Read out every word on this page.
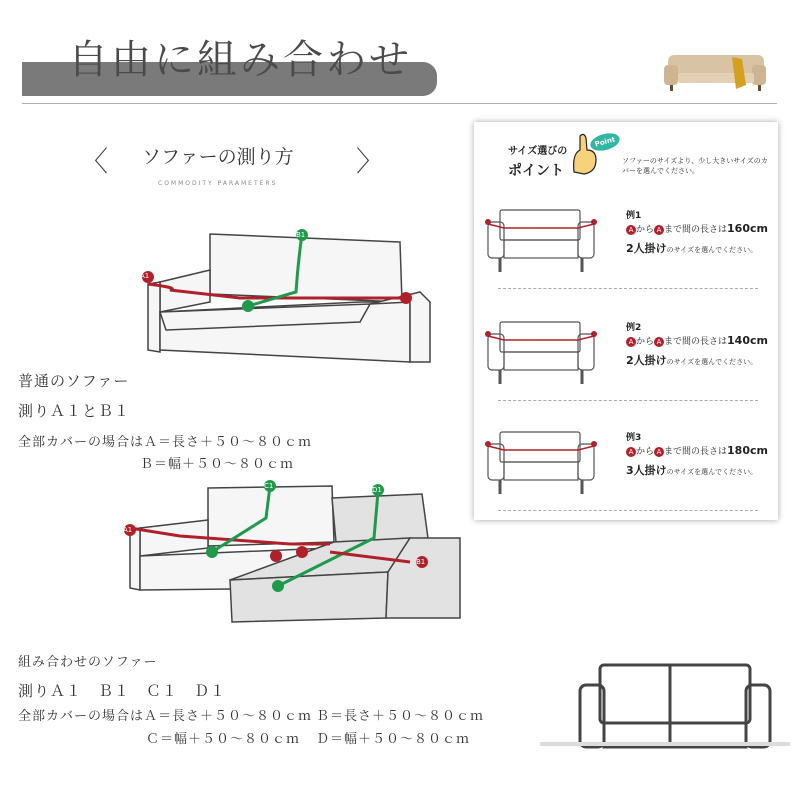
自由に組み合わせ
〈 ソファーの測り方
COMMODITY PARAMETERS
〉
A1
B1
普通のソファー
測りＡ１とＢ１
全部カバーの場合はＡ＝長さ＋５０～８０ｃｍ
Ｂ＝幅＋５０～８０ｃｍ
A1
C1	D1
B1
組み合わせのソファー
測りＡ１　Ｂ１　Ｃ１　Ｄ１
全部カバーの場合はＡ＝長さ＋５０～８０ｃｍ Ｂ＝長さ＋５０～８０ｃｍ
Ｃ＝幅＋５０～８０ｃｍ Ｄ＝幅＋５０～８０ｃｍ
サイズ選びの
ポイント
Point
ソファーのサイズより、少し大きいサイズのカバーを選んでください。
例1
A から A まで間の長さは160cm
2人掛けのサイズを選んでください。
例2
A から A まで間の長さは140cm
2人掛けのサイズを選んでください。
例3
A から A まで間の長さは180cm
3人掛けのサイズを選んでください。
